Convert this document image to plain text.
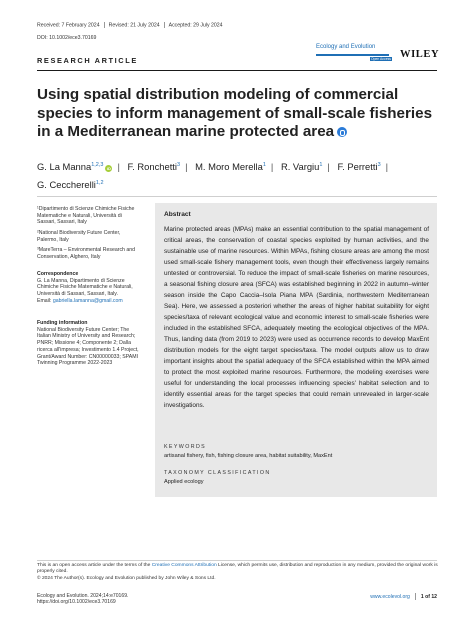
Received: 7 February 2024 Revised: 21 July 2024 Accepted: 29 July 2024
DOI: 10.1002/ece3.70169
RESEARCH ARTICLE
Ecology and Evolution
Open Access WILEY
Using spatial distribution modeling of commercial species to inform management of small-scale fisheries in a Mediterranean marine protected area
G. La Manna$^{1,2,3}$iD | F. Ronchetti$^3$ | M. Moro Merella$^1$ | R. Vargiu$^1$ | F. Perretti$^3$ |
G. Ceccherelli$^{1,2}$
¹Dipartimento di Scienze Chimiche Fisiche Matematiche e Naturali, Università di Sassari, Sassari, Italy
²National Biodiversity Future Center, Palermo, Italy
³MareTerra – Environmental Research and Conservation, Alghero, Italy
Correspondence
G. La Manna, Dipartimento di Scienze Chimiche Fisiche Matematiche e Naturali, Università di Sassari, Sassari, Italy.
Email: gabriella.lamanna@gmail.com
Funding information
National Biodiversity Future Center; The Italian Ministry of University and Research; PNRR; Missione 4; Componente 2; Dalla ricerca all'impresa; Investimento 1.4 Project, Grant/Award Number: CN00000033; SPAMI Twinning Programme 2022-2023
Abstract
Marine protected areas (MPAs) make an essential contribution to the spatial management of critical areas, the conservation of coastal species exploited by human activities, and the sustainable use of marine resources. Within MPAs, fishing closure areas are among the most used small-scale fishery management tools, even though their effectiveness largely remains untested or controversial. To reduce the impact of small-scale fisheries on marine resources, a seasonal fishing closure area (SFCA) was established beginning in 2022 in autumn–winter season inside the Capo Caccia–Isola Piana MPA (Sardinia, northwestern Mediterranean Sea). Here, we assessed a posteriori whether the areas of higher habitat suitability for eight species/taxa of relevant ecological value and economic interest to small-scale fisheries were included in the established SFCA, adequately meeting the ecological objectives of the MPA. Thus, landing data (from 2019 to 2023) were used as occurrence records to develop MaxEnt distribution models for the eight target species/taxa. The model outputs allow us to draw important insights about the spatial adequacy of the SFCA established within the MPA aimed to protect the most exploited marine resources. Furthermore, the modeling exercises were useful for understanding the local processes influencing species' habitat selection and to identify essential areas for the target species that could remain unrevealed in larger-scale investigations.
KEYWORDS
artisanal fishery, fish, fishing closure area, habitat suitability, MaxEnt
TAXONOMY CLASSIFICATION
Applied ecology
This is an open access article under the terms of the Creative Commons Attribution License, which permits use, distribution and reproduction in any medium, provided the original work is properly cited.
© 2024 The Author(s). Ecology and Evolution published by John Wiley & Sons Ltd.
Ecology and Evolution. 2024;14:e70169.
https://doi.org/10.1002/ece3.70169
www.ecolevol.org 1 of 12
